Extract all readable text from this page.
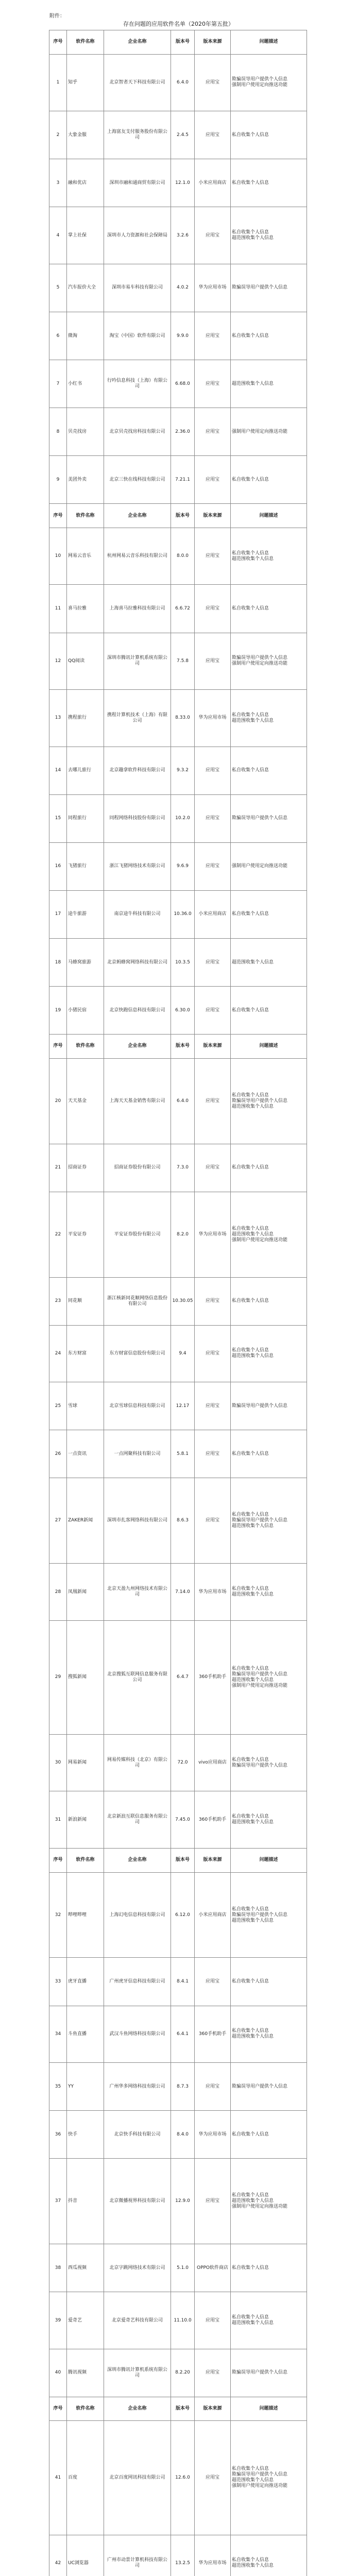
附件：
存在问题的应用软件名单（2020年第五批）
序号	软件名称	企业名称	版本号	版本来源	问题描述
1	知乎	北京智者天下科技有限公司	6.4.0	应用宝	欺骗误导用户提供个人信息
强制用户使用定向推送功能

2	大象金服	上海富友支付服务股份有限公司	2.4.5	应用宝	私自收集个人信息

3	融和优店	深圳市融和通商贸有限公司	12.1.0	小米应用商店	私自收集个人信息

4	掌上社保	深圳市人力资源和社会保障局	3.2.6	应用宝	私自收集个人信息
超范围收集个人信息

5	汽车报价大全	深圳市易车科技有限公司	4.0.2	华为应用市场	欺骗误导用户提供个人信息

6	微淘	淘宝（中国）软件有限公司	9.9.0	应用宝	私自收集个人信息

7	小红书	行吟信息科技（上海）有限公司	6.68.0	应用宝	超范围收集个人信息

8	贝壳找房	北京贝壳找房科技有限公司	2.36.0	应用宝	强制用户使用定向推送功能

9	美团外卖	北京三快在线科技有限公司	7.21.1	应用宝	私自收集个人信息

序号	软件名称	企业名称	版本号	版本来源	问题描述
10	网易云音乐	杭州网易云音乐科技有限公司	8.0.0	应用宝	私自收集个人信息
超范围收集个人信息

11	喜马拉雅	上海喜马拉雅科技有限公司	6.6.72	应用宝	私自收集个人信息

12	QQ阅读	深圳市腾讯计算机系统有限公司	7.5.8	应用宝	欺骗误导用户提供个人信息
强制用户使用定向推送功能

13	携程旅行	携程计算机技术（上海）有限公司	8.33.0	华为应用市场	私自收集个人信息
超范围收集个人信息

14	去哪儿旅行	北京趣拿软件科技有限公司	9.3.2	应用宝	私自收集个人信息

15	同程旅行	同程网络科技股份有限公司	10.2.0	应用宝	欺骗误导用户提供个人信息

16	飞猪旅行	浙江飞猪网络技术有限公司	9.6.9	应用宝	强制用户使用定向推送功能

17	途牛旅游	南京途牛科技有限公司	10.36.0	小米应用商店	私自收集个人信息

18	马蜂窝旅游	北京蚂蜂窝网络科技有限公司	10.3.5	应用宝	超范围收集个人信息

19	小猪民宿	北京快跑信息科技有限公司	6.30.0	应用宝	私自收集个人信息

序号	软件名称	企业名称	版本号	版本来源	问题描述
20	天天基金	上海天天基金销售有限公司	6.4.0	应用宝	私自收集个人信息
欺骗误导用户提供个人信息
超范围收集个人信息

21	招商证券	招商证券股份有限公司	7.3.0	应用宝	私自收集个人信息

22	平安证券	平安证券股份有限公司	8.2.0	华为应用市场	私自收集个人信息
超范围收集个人信息
强制用户使用定向推送功能

23	同花顺	浙江核新同花顺网络信息股份有限公司	10.30.05	应用宝	私自收集个人信息

24	东方财富	东方财富信息股份有限公司	9.4	应用宝	私自收集个人信息
超范围收集个人信息

25	雪球	北京雪球信息科技有限公司	12.17	应用宝	欺骗误导用户提供个人信息

26	一点资讯	一点网聚科技有限公司	5.8.1	应用宝	私自收集个人信息

27	ZAKER新闻	深圳市扎客网络科技有限公司	8.6.3	应用宝	私自收集个人信息
欺骗误导用户提供个人信息
超范围收集个人信息

28	凤凰新闻	北京天盈九州网络技术有限公司	7.14.0	华为应用市场	私自收集个人信息
超范围收集个人信息

29	搜狐新闻	北京搜狐互联网信息服务有限公司	6.4.7	360手机助手	私自收集个人信息
欺骗误导用户提供个人信息
超范围收集个人信息
强制用户使用定向推送功能

30	网易新闻	网易传媒科技（北京）有限公司	72.0	vivo应用商店	私自收集个人信息
欺骗误导用户提供个人信息

31	新浪新闻	北京新浪互联信息服务有限公司	7.45.0	360手机助手	私自收集个人信息
超范围收集个人信息

序号	软件名称	企业名称	版本号	版本来源	问题描述
32	哔哩哔哩	上海幻电信息科技有限公司	6.12.0	小米应用商店	私自收集个人信息
欺骗误导用户提供个人信息
超范围收集个人信息

33	虎牙直播	广州虎牙信息科技有限公司	8.4.1	应用宝	私自收集个人信息

34	斗鱼直播	武汉斗鱼网络科技有限公司	6.4.1	360手机助手	私自收集个人信息
超范围收集个人信息

35	YY	广州华多网络科技有限公司	8.7.3	应用宝	欺骗误导用户提供个人信息

36	快手	北京快手科技有限公司	8.4.0	华为应用市场	私自收集个人信息

37	抖音	北京微播视界科技有限公司	12.9.0	应用宝	私自收集个人信息
超范围收集个人信息
强制用户使用定向推送功能

38	西瓜视频	北京字跳网络技术有限公司	5.1.0	OPPO软件商店	私自收集个人信息

39	爱奇艺	北京爱奇艺科技有限公司	11.10.0	应用宝	私自收集个人信息
超范围收集个人信息

40	腾讯视频	深圳市腾讯计算机系统有限公司	8.2.20	应用宝	欺骗误导用户提供个人信息

序号	软件名称	企业名称	版本号	版本来源	问题描述
41	百度	北京百度网讯科技有限公司	12.6.0	应用宝	私自收集个人信息
欺骗误导用户提供个人信息
超范围收集个人信息
强制用户使用定向推送功能

42	UC浏览器	广州市动景计算机科技有限公司	13.2.5	华为应用市场	私自收集个人信息
超范围收集个人信息
